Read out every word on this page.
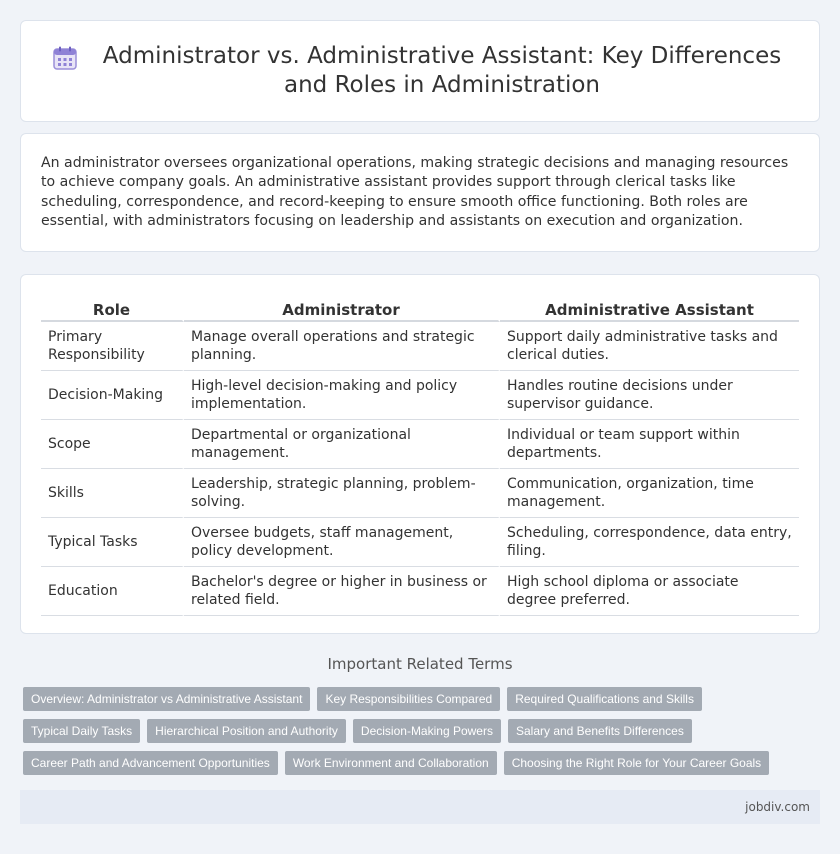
Administrator vs. Administrative Assistant: Key Differences and Roles in Administration

An administrator oversees organizational operations, making strategic decisions and managing resources to achieve company goals. An administrative assistant provides support through clerical tasks like scheduling, correspondence, and record-keeping to ensure smooth office functioning. Both roles are essential, with administrators focusing on leadership and assistants on execution and organization.

Role	Administrator	Administrative Assistant
Primary Responsibility	Manage overall operations and strategic planning.	Support daily administrative tasks and clerical duties.
Decision-Making	High-level decision-making and policy implementation.	Handles routine decisions under supervisor guidance.
Scope	Departmental or organizational management.	Individual or team support within departments.
Skills	Leadership, strategic planning, problem-solving.	Communication, organization, time management.
Typical Tasks	Oversee budgets, staff management, policy development.	Scheduling, correspondence, data entry, filing.
Education	Bachelor's degree or higher in business or related field.	High school diploma or associate degree preferred.
Important Related Terms
Overview: Administrator vs Administrative Assistant	Key Responsibilities Compared	Required Qualifications and Skills
Typical Daily Tasks	Hierarchical Position and Authority	Decision-Making Powers	Salary and Benefits Differences
Career Path and Advancement Opportunities	Work Environment and Collaboration	Choosing the Right Role for Your Career Goals
jobdiv.com
